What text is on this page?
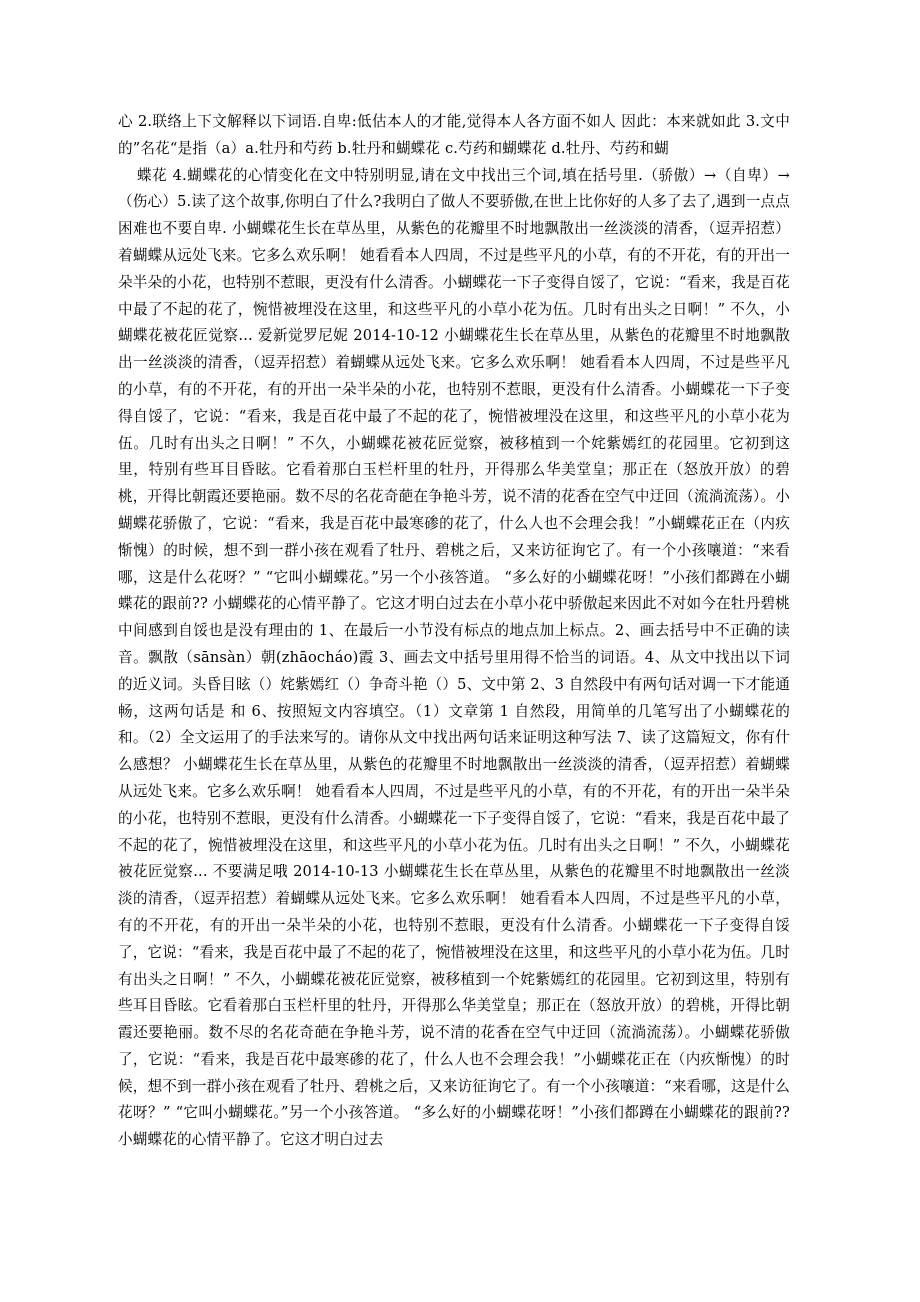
心 2.联络上下文解释以下词语.自卑:低估本人的才能,觉得本人各方面不如人 因此：本来就如此 3.文中的”名花“是指（a）a.牡丹和芍药 b.牡丹和蝴蝶花 c.芍药和蝴蝶花 d.牡丹、芍药和蝴

蝶花 4.蝴蝶花的心情变化在文中特别明显,请在文中找出三个词,填在括号里.（骄傲）→（自卑）→（伤心）5.读了这个故事,你明白了什么?我明白了做人不要骄傲,在世上比你好的人多了去了,遇到一点点困难也不要自卑. 小蝴蝶花生长在草丛里，从紫色的花瓣里不时地飘散出一丝淡淡的清香，（逗弄招惹）着蝴蝶从远处飞来。它多么欢乐啊！ 她看看本人四周，不过是些平凡的小草，有的不开花，有的开出一朵半朵的小花，也特别不惹眼，更没有什么清香。小蝴蝶花一下子变得自馁了，它说：“看来，我是百花中最了不起的花了，惋惜被埋没在这里，和这些平凡的小草小花为伍。几时有出头之日啊！” 不久，小蝴蝶花被花匠觉察... 爱新觉罗尼妮 2014-10-12 小蝴蝶花生长在草丛里，从紫色的花瓣里不时地飘散出一丝淡淡的清香，（逗弄招惹）着蝴蝶从远处飞来。它多么欢乐啊！ 她看看本人四周，不过是些平凡的小草，有的不开花，有的开出一朵半朵的小花，也特别不惹眼，更没有什么清香。小蝴蝶花一下子变得自馁了，它说：“看来，我是百花中最了不起的花了，惋惜被埋没在这里，和这些平凡的小草小花为伍。几时有出头之日啊！” 不久，小蝴蝶花被花匠觉察，被移植到一个姹紫嫣红的花园里。它初到这里，特别有些耳目昏眩。它看着那白玉栏杆里的牡丹，开得那么华美堂皇；那正在（怒放开放）的碧桃，开得比朝霞还要艳丽。数不尽的名花奇葩在争艳斗芳，说不清的花香在空气中迂回（流淌流荡）。小蝴蝶花骄傲了，它说：“看来，我是百花中最寒碜的花了，什么人也不会理会我！”小蝴蝶花正在（内疚惭愧）的时候，想不到一群小孩在观看了牡丹、碧桃之后，又来访征询它了。有一个小孩嚷道：“来看哪，这是什么花呀？” “它叫小蝴蝶花。”另一个小孩答道。 “多么好的小蝴蝶花呀！”小孩们都蹲在小蝴蝶花的跟前?? 小蝴蝶花的心情平静了。它这才明白过去在小草小花中骄傲起来因此不对如今在牡丹碧桃中间感到自馁也是没有理由的 1、在最后一小节没有标点的地点加上标点。2、画去括号中不正确的读音。飘散（sānsàn）朝(zhāocháo)霞 3、画去文中括号里用得不恰当的词语。4、从文中找出以下词的近义词。头昏目眩（）姹紫嫣红（）争奇斗艳（）5、文中第 2、3 自然段中有两句话对调一下才能通畅，这两句话是 和 6、按照短文内容填空。（1）文章第 1 自然段，用简单的几笔写出了小蝴蝶花的和。（2）全文运用了的手法来写的。请你从文中找出两句话来证明这种写法 7、读了这篇短文，你有什么感想？ 小蝴蝶花生长在草丛里，从紫色的花瓣里不时地飘散出一丝淡淡的清香，（逗弄招惹）着蝴蝶从远处飞来。它多么欢乐啊！ 她看看本人四周，不过是些平凡的小草，有的不开花，有的开出一朵半朵的小花，也特别不惹眼，更没有什么清香。小蝴蝶花一下子变得自馁了，它说：“看来，我是百花中最了不起的花了，惋惜被埋没在这里，和这些平凡的小草小花为伍。几时有出头之日啊！” 不久，小蝴蝶花被花匠觉察... 不要满足哦 2014-10-13 小蝴蝶花生长在草丛里，从紫色的花瓣里不时地飘散出一丝淡淡的清香，（逗弄招惹）着蝴蝶从远处飞来。它多么欢乐啊！ 她看看本人四周，不过是些平凡的小草，有的不开花，有的开出一朵半朵的小花，也特别不惹眼，更没有什么清香。小蝴蝶花一下子变得自馁了，它说：“看来，我是百花中最了不起的花了，惋惜被埋没在这里，和这些平凡的小草小花为伍。几时有出头之日啊！” 不久，小蝴蝶花被花匠觉察，被移植到一个姹紫嫣红的花园里。它初到这里，特别有些耳目昏眩。它看着那白玉栏杆里的牡丹，开得那么华美堂皇；那正在（怒放开放）的碧桃，开得比朝霞还要艳丽。数不尽的名花奇葩在争艳斗芳，说不清的花香在空气中迂回（流淌流荡）。小蝴蝶花骄傲了，它说：“看来，我是百花中最寒碜的花了，什么人也不会理会我！”小蝴蝶花正在（内疚惭愧）的时候，想不到一群小孩在观看了牡丹、碧桃之后，又来访征询它了。有一个小孩嚷道：“来看哪，这是什么花呀？” “它叫小蝴蝶花。”另一个小孩答道。 “多么好的小蝴蝶花呀！”小孩们都蹲在小蝴蝶花的跟前?? 小蝴蝶花的心情平静了。它这才明白过去
